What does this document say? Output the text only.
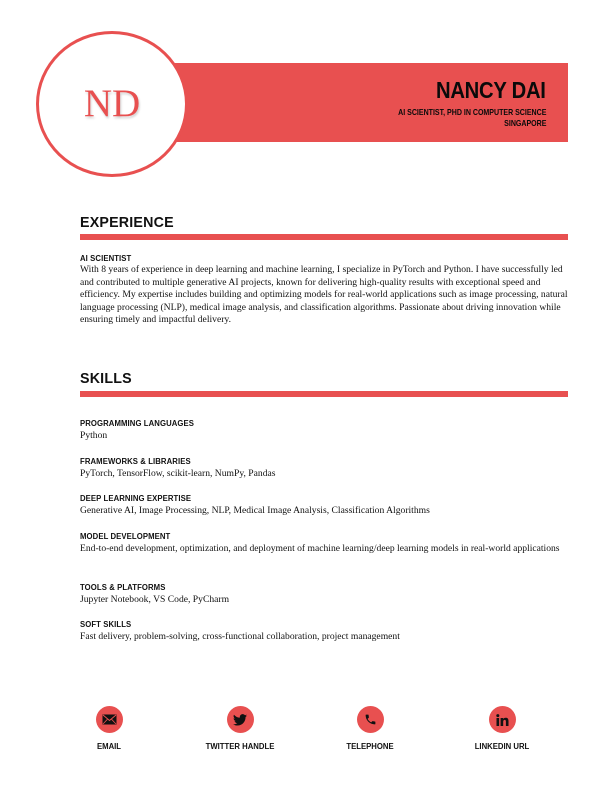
ND	NANCY DAI
AI SCIENTIST, PHD IN COMPUTER SCIENCE
SINGAPORE
EXPERIENCE
AI SCIENTIST
With 8 years of experience in deep learning and machine learning, I specialize in PyTorch and Python. I have successfully led and contributed to multiple generative AI projects, known for delivering high-quality results with exceptional speed and efficiency. My expertise includes building and optimizing models for real-world applications such as image processing, natural language processing (NLP), medical image analysis, and classification algorithms. Passionate about driving innovation while ensuring timely and impactful delivery.
SKILLS
PROGRAMMING LANGUAGES
Python
FRAMEWORKS & LIBRARIES
PyTorch, TensorFlow, scikit-learn, NumPy, Pandas
DEEP LEARNING EXPERTISE
Generative AI, Image Processing, NLP, Medical Image Analysis, Classification Algorithms
MODEL DEVELOPMENT
End-to-end development, optimization, and deployment of machine learning/deep learning models in real-world applications
TOOLS & PLATFORMS
Jupyter Notebook, VS Code, PyCharm
SOFT SKILLS
Fast delivery, problem-solving, cross-functional collaboration, project management
EMAIL	TWITTER HANDLE	TELEPHONE	LINKEDIN URL
